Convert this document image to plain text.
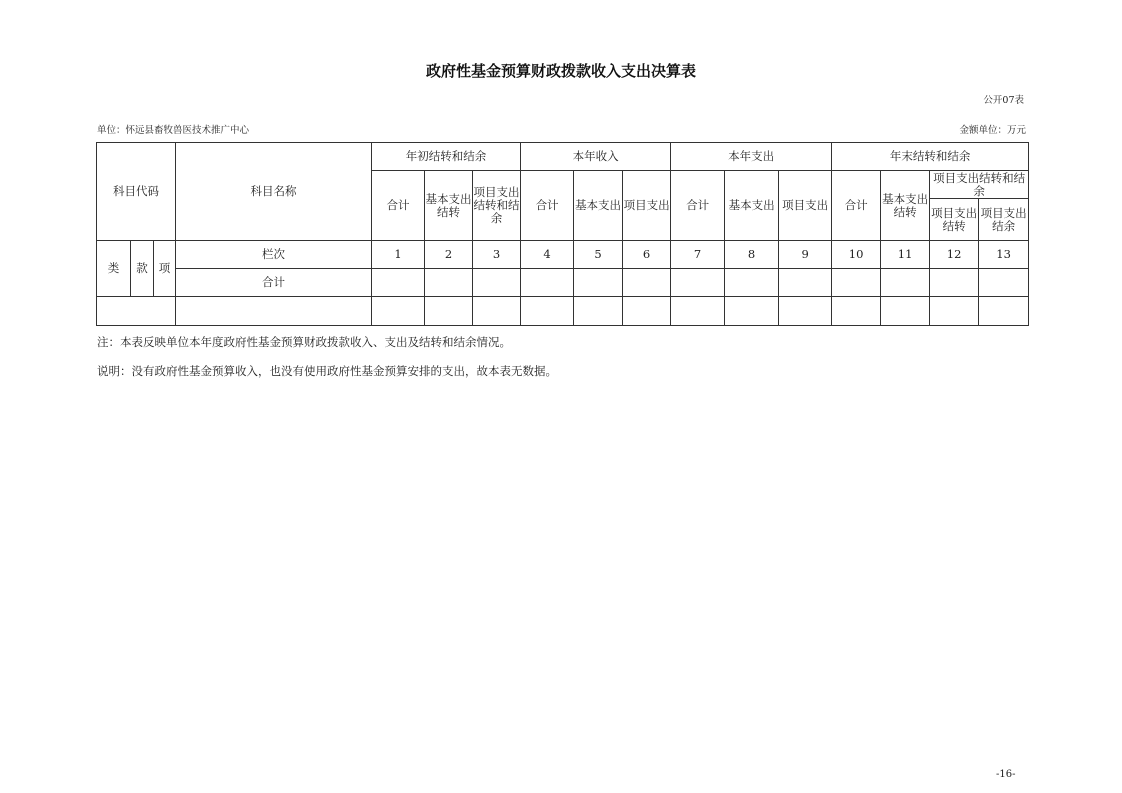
政府性基金预算财政拨款收入支出决算表
公开07表
单位：怀远县畜牧兽医技术推广中心	金额单位：万元
科目代码			科目名称	年初结转和结余			本年收入			本年支出			年末结转和结余			
				合计	基本支出结转	项目支出结转和结余	合计	基本支出	项目支出	合计	基本支出	项目支出	合计	基本支出结转	项目支出结转和结余	
															项目支出结转	项目支出结余
类	款	项	栏次	1	2	3	4	5	6	7	8	9	10	11	12	13
			合计													

注：本表反映单位本年度政府性基金预算财政拨款收入、支出及结转和结余情况。
说明：没有政府性基金预算收入，也没有使用政府性基金预算安排的支出，故本表无数据。
-16-
